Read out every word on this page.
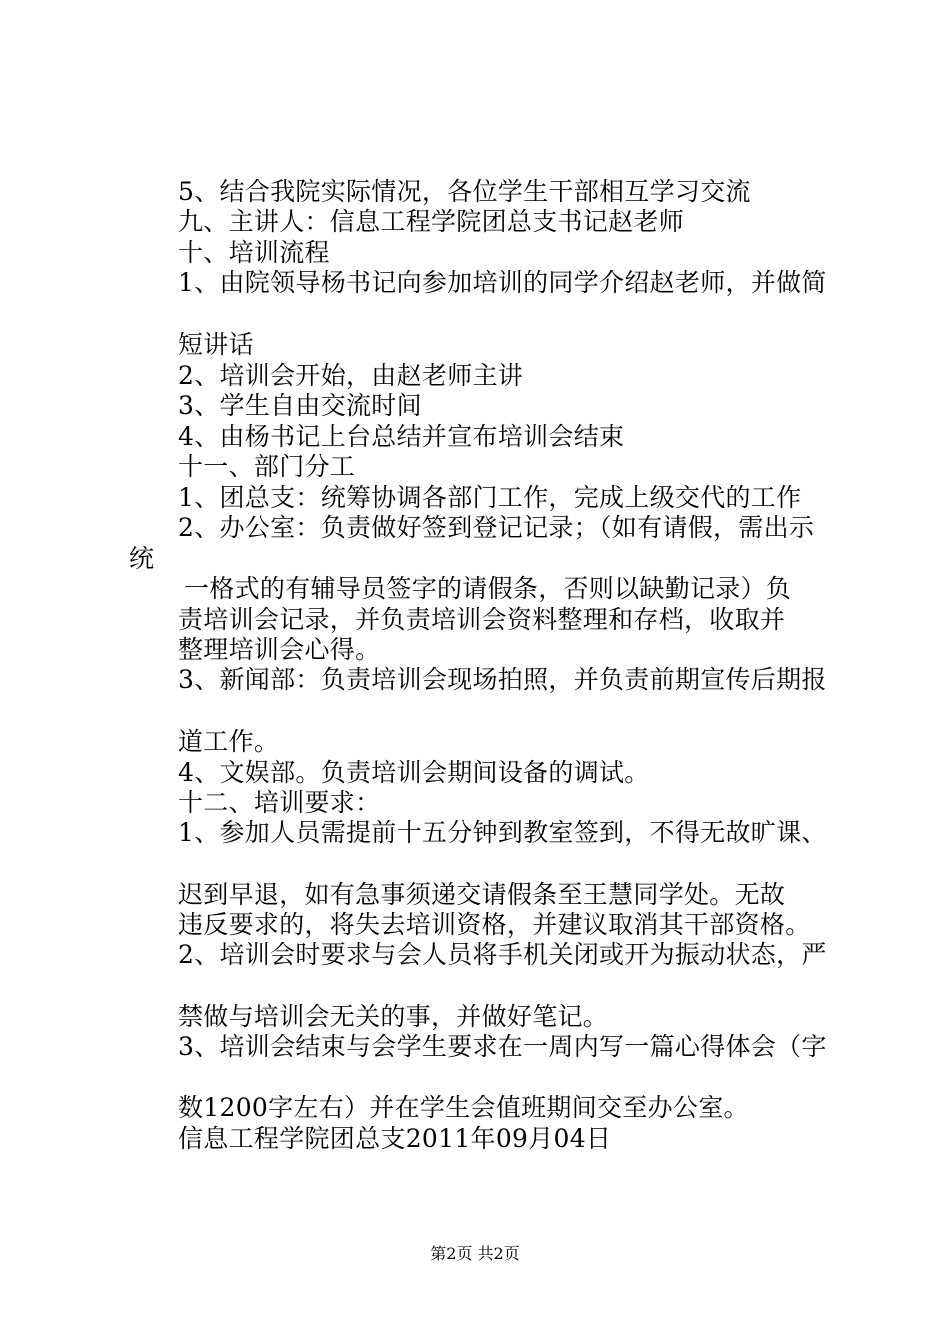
5、结合我院实际情况，各位学生干部相互学习交流
九、主讲人：信息工程学院团总支书记赵老师
十、培训流程
1、由院领导杨书记向参加培训的同学介绍赵老师，并做简
短讲话
2、培训会开始，由赵老师主讲
3、学生自由交流时间
4、由杨书记上台总结并宣布培训会结束
十一、部门分工
1、团总支：统筹协调各部门工作，完成上级交代的工作
2、办公室：负责做好签到登记记录；（如有请假，需出示
统
一格式的有辅导员签字的请假条，否则以缺勤记录）负
责培训会记录，并负责培训会资料整理和存档，收取并
整理培训会心得。
3、新闻部：负责培训会现场拍照，并负责前期宣传后期报
道工作。
4、文娱部。负责培训会期间设备的调试。
十二、培训要求：
1、参加人员需提前十五分钟到教室签到，不得无故旷课、
迟到早退，如有急事须递交请假条至王慧同学处。无故
违反要求的，将失去培训资格，并建议取消其干部资格。
2、培训会时要求与会人员将手机关闭或开为振动状态，严
禁做与培训会无关的事，并做好笔记。
3、培训会结束与会学生要求在一周内写一篇心得体会（字
数1200字左右）并在学生会值班期间交至办公室。
信息工程学院团总支2011年09月04日
第2页 共2页
